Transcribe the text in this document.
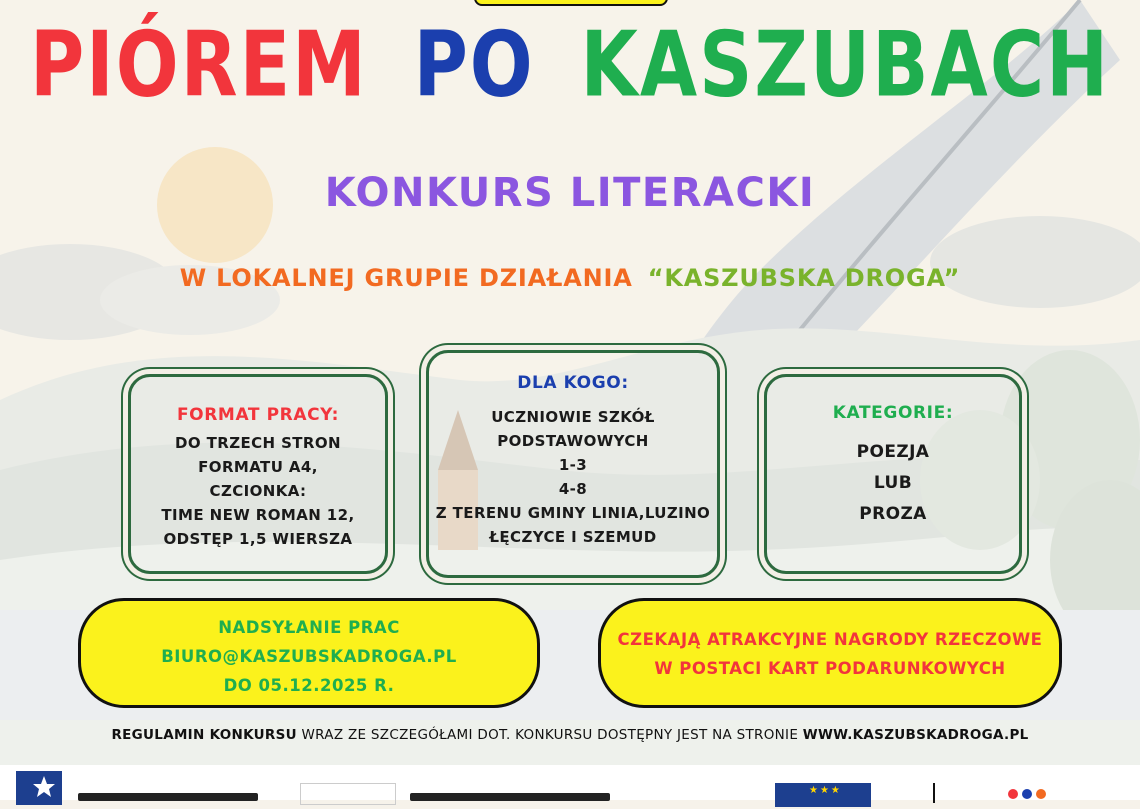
PIÓREM PO KASZUBACH
KONKURS LITERACKI
W LOKALNEJ GRUPIE DZIAŁANIA “KASZUBSKA DROGA”
FORMAT PRACY:
DO TRZECH STRON
FORMATU A4,
CZCIONKA:
TIME NEW ROMAN 12,
ODSTĘP 1,5 WIERSZA
DLA KOGO:
UCZNIOWIE SZKÓŁ
PODSTAWOWYCH
1-3
4-8
Z TERENU GMINY LINIA,LUZINO
ŁĘCZYCE I SZEMUD
KATEGORIE:
POEZJA
LUB
PROZA
NADSYŁANIE PRAC
BIURO@KASZUBSKADROGA.PL
DO 05.12.2025 R.
CZEKAJĄ ATRAKCYJNE NAGRODY RZECZOWE
W POSTACI KART PODARUNKOWYCH
REGULAMIN KONKURSU WRAZ ZE SZCZEGÓŁAMI DOT. KONKURSU DOSTĘPNY JEST NA STRONIE WWW.KASZUBSKADROGA.PL
★★★
